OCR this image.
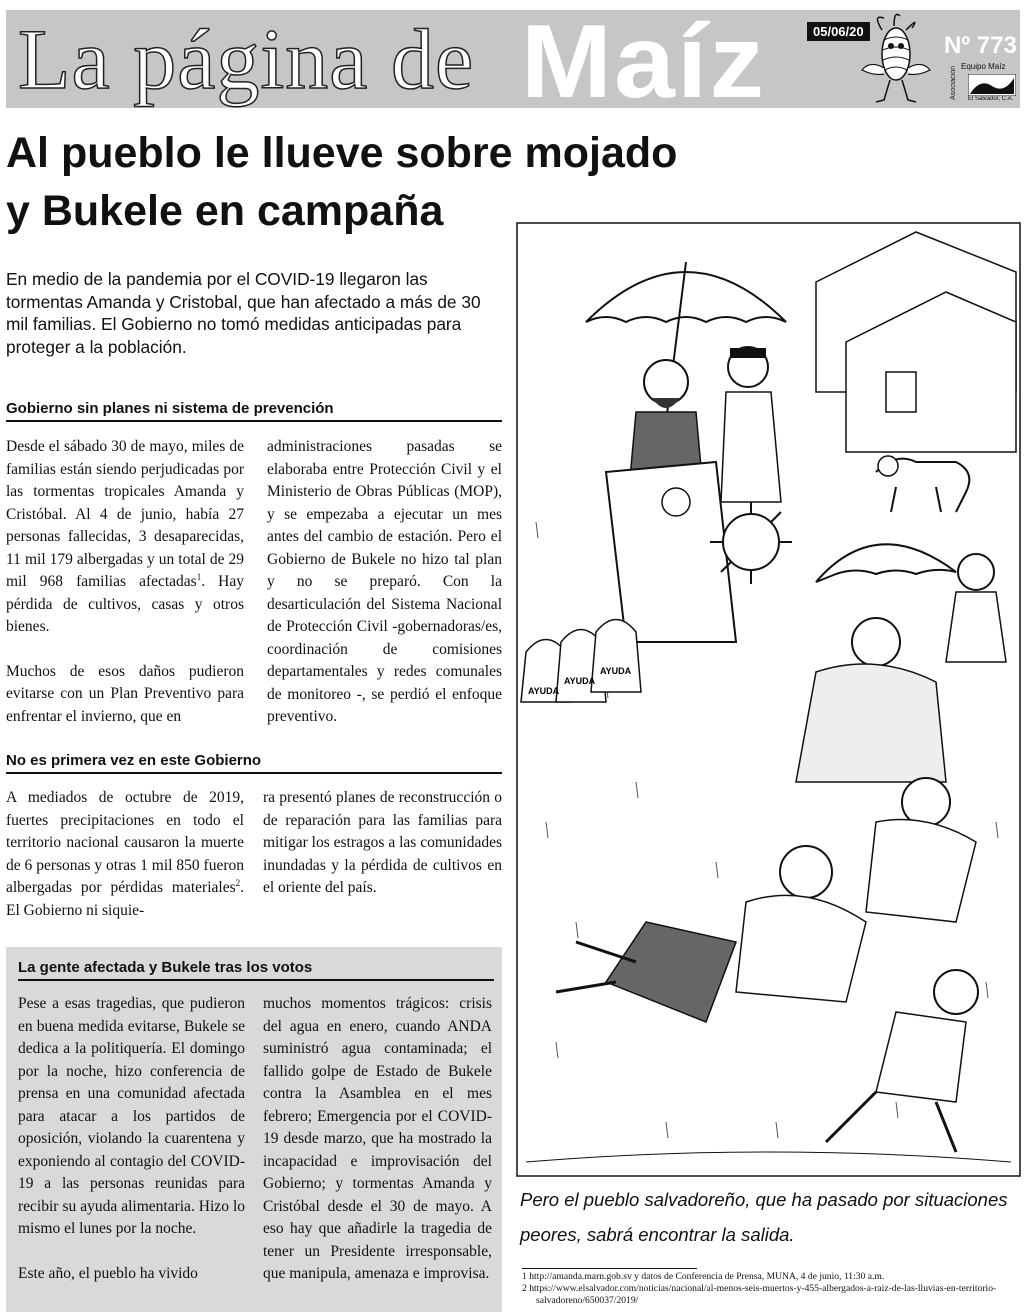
La página de Maíz	05/06/20
Nº 773
Equipo Maíz
Asociación El Salvador, C.A.
Al pueblo le llueve sobre mojado
y Bukele en campaña
En medio de la pandemia por el COVID-19 llegaron las tormentas Amanda y Cristobal, que han afectado a más de 30 mil familias. El Gobierno no tomó medidas anticipadas para proteger a la población.
Gobierno sin planes ni sistema de prevención

Desde el sábado 30 de mayo, miles de familias están siendo perjudicadas por las tormentas tropicales Amanda y Cristóbal. Al 4 de junio, había 27 personas fallecidas, 3 desaparecidas, 11 mil 179 albergadas y un total de 29 mil 968 familias afectadas$^1$. Hay pérdida de cultivos, casas y otros bienes.

Muchos de esos daños pudieron evitarse con un Plan Preventivo para enfrentar el invierno, que en

administraciones pasadas se elaboraba entre Protección Civil y el Ministerio de Obras Públicas (MOP), y se empezaba a ejecutar un mes antes del cambio de estación. Pero el Gobierno de Bukele no hizo tal plan y no se preparó. Con la desarticulación del Sistema Nacional de Protección Civil -gobernadoras/es, coordinación de comisiones departamentales y redes comunales de monitoreo -, se perdió el enfoque preventivo.

No es primera vez en este Gobierno

A mediados de octubre de 2019, fuertes precipitaciones en todo el territorio nacional causaron la muerte de 6 personas y otras 1 mil 850 fueron albergadas por pérdidas materiales$^2$. El Gobierno ni siquie-

ra presentó planes de reconstrucción o de reparación para las familias para mitigar los estragos a las comunidades inundadas y la pérdida de cultivos en el oriente del país.

La gente afectada y Bukele tras los votos

Pese a esas tragedias, que pudieron en buena medida evitarse, Bukele se dedica a la politiquería. El domingo por la noche, hizo conferencia de prensa en una comunidad afectada para atacar a los partidos de oposición, violando la cuarentena y exponiendo al contagio del COVID-19 a las personas reunidas para recibir su ayuda alimentaria. Hizo lo mismo el lunes por la noche.

Este año, el pueblo ha vivido

muchos momentos trágicos: crisis del agua en enero, cuando ANDA suministró agua contaminada; el fallido golpe de Estado de Bukele contra la Asamblea en el mes febrero; Emergencia por el COVID-19 desde marzo, que ha mostrado la incapacidad e improvisación del Gobierno; y tormentas Amanda y Cristóbal desde el 30 de mayo. A eso hay que añadirle la tragedia de tener un Presidente irresponsable, que manipula, amenaza e improvisa.

AYUDA
AYUDA
AYUDA
Pero el pueblo salvadoreño, que ha pasado por situaciones peores, sabrá encontrar la salida.
1 http://amanda.marn.gob.sv y datos de Conferencia de Prensa, MUNA, 4 de junio, 11:30 a.m.
2 https://www.elsalvador.com/noticias/nacional/al-menos-seis-muertos-y-455-albergados-a-raiz-de-las-lluvias-en-territorio-salvadoreno/650037/2019/
